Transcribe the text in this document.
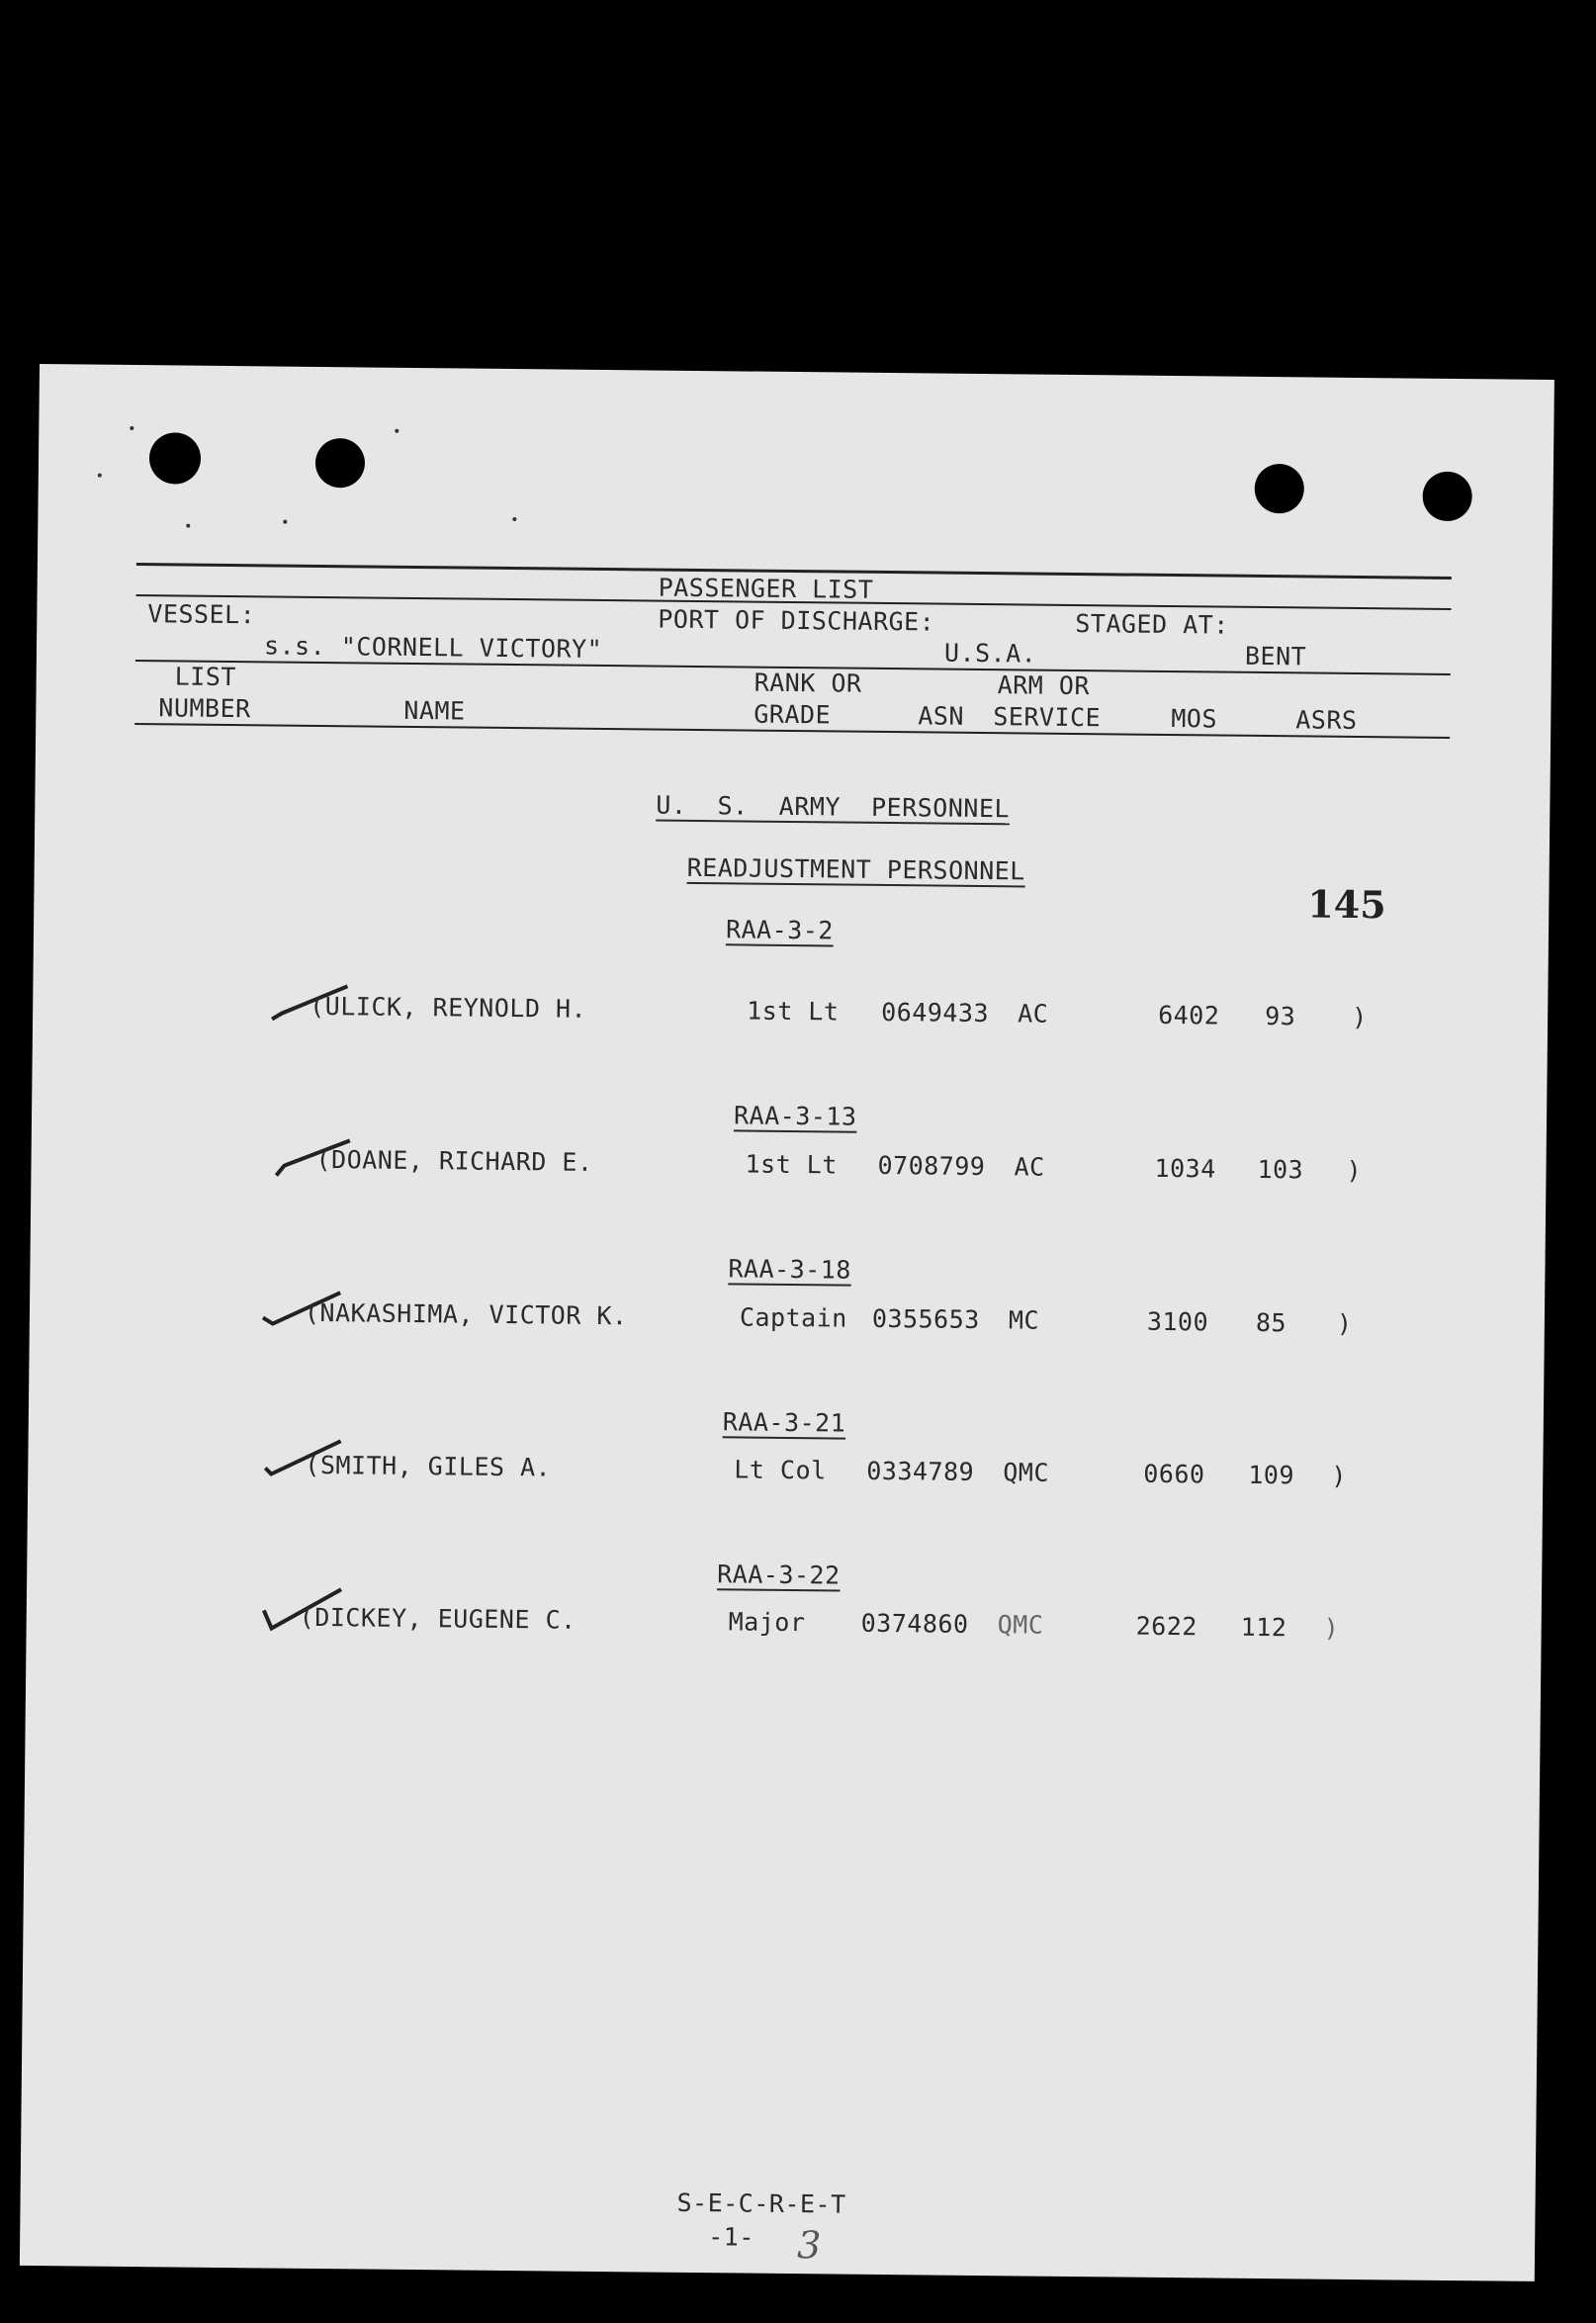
PASSENGER LIST
VESSEL:	PORT OF DISCHARGE:	STAGED AT:
s.s. "CORNELL VICTORY"	U.S.A.	BENT
LIST
NUMBER	NAME
RANK OR
GRADE	ASN
ARM OR
SERVICE	MOS	ASRS
U.  S.  ARMY  PERSONNEL
READJUSTMENT PERSONNEL
145
RAA-3-2
(ULICK, REYNOLD H.	1st Lt 0649433 AC	6402 93 )
RAA-3-13
(DOANE, RICHARD E.	1st Lt 0708799 AC	1034 103 )
RAA-3-18
(NAKASHIMA, VICTOR K.	Captain 0355653 MC	3100 85 )
RAA-3-21
(SMITH, GILES A.	Lt Col 0334789 QMC	0660 109 )
RAA-3-22
(DICKEY, EUGENE C.	Major 0374860 QMC	2622 112 )
S-E-C-R-E-T
-1- 3
